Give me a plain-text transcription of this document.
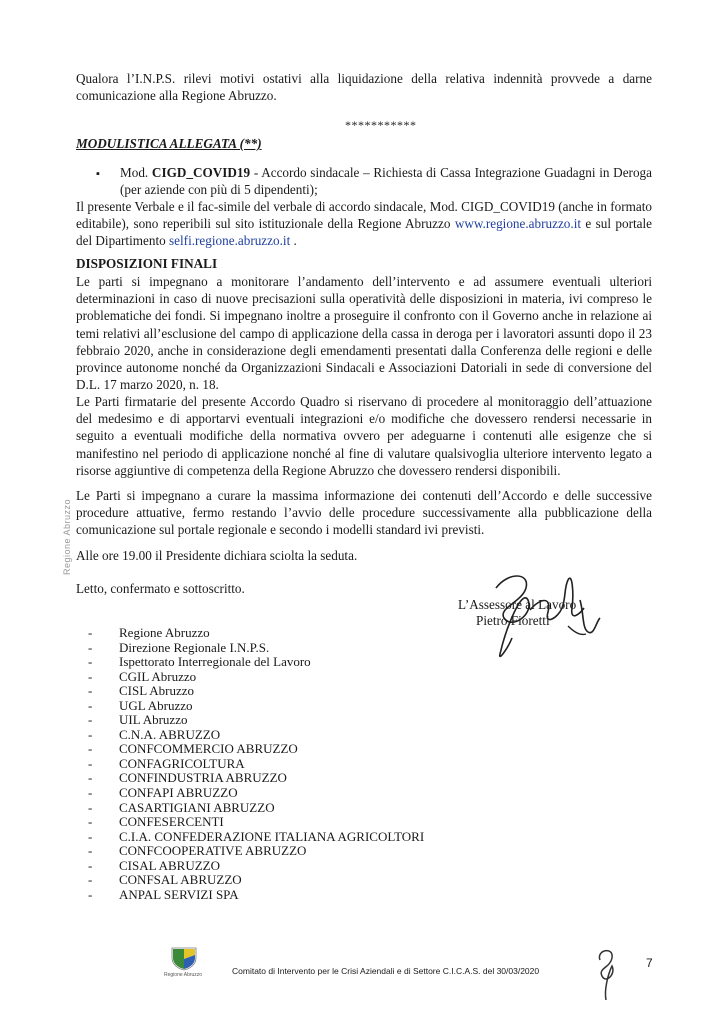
Qualora l’I.N.P.S. rilevi motivi ostativi alla liquidazione della relativa indennità provvede a darne comunicazione alla Regione Abruzzo.
***********
MODULISTICA ALLEGATA (**)
▪ Mod. CIGD_COVID19 - Accordo sindacale – Richiesta di Cassa Integrazione Guadagni in Deroga (per aziende con più di 5 dipendenti);
Il presente Verbale e il fac-simile del verbale di accordo sindacale, Mod. CIGD_COVID19 (anche in formato editabile), sono reperibili sul sito istituzionale della Regione Abruzzo www.regione.abruzzo.it e sul portale del Dipartimento selfi.regione.abruzzo.it .
DISPOSIZIONI FINALI
Le parti si impegnano a monitorare l’andamento dell’intervento e ad assumere eventuali ulteriori determinazioni in caso di nuove precisazioni sulla operatività delle disposizioni in materia, ivi compreso le problematiche dei fondi. Si impegnano inoltre a proseguire il confronto con il Governo anche in relazione ai temi relativi all’esclusione del campo di applicazione della cassa in deroga per i lavoratori assunti dopo il 23 febbraio 2020, anche in considerazione degli emendamenti presentati dalla Conferenza delle regioni e delle province autonome nonché da Organizzazioni Sindacali e Associazioni Datoriali in sede di conversione del D.L. 17 marzo 2020, n. 18.
Le Parti firmatarie del presente Accordo Quadro si riservano di procedere al monitoraggio dell’attuazione del medesimo e di apportarvi eventuali integrazioni e/o modifiche che dovessero rendersi necessarie in seguito a eventuali modifiche della normativa ovvero per adeguarne i contenuti alle esigenze che si manifestino nel periodo di applicazione nonché al fine di valutare qualsivoglia ulteriore intervento legato a risorse aggiuntive di competenza della Regione Abruzzo che dovessero rendersi disponibili.
Le Parti si impegnano a curare la massima informazione dei contenuti dell’Accordo e delle successive procedure attuative, fermo restando l’avvio delle procedure successivamente alla pubblicazione della comunicazione sul portale regionale e secondo i modelli standard ivi previsti.
Alle ore 19.00 il Presidente dichiara sciolta la seduta.
Letto, confermato e sottoscritto.
Regione Abruzzo
L’Assessore al Lavoro
Pietro Fioretti
- Regione Abruzzo
- Direzione Regionale I.N.P.S.
- Ispettorato Interregionale del Lavoro
- CGIL Abruzzo
- CISL Abruzzo
- UGL Abruzzo
- UIL Abruzzo
- C.N.A. ABRUZZO
- CONFCOMMERCIO ABRUZZO
- CONFAGRICOLTURA
- CONFINDUSTRIA ABRUZZO
- CONFAPI ABRUZZO
- CASARTIGIANI ABRUZZO
- CONFESERCENTI
- C.I.A. CONFEDERAZIONE ITALIANA AGRICOLTORI
- CONFCOOPERATIVE ABRUZZO
- CISAL ABRUZZO
- CONFSAL ABRUZZO
- ANPAL SERVIZI SPA
Regione Abruzzo	Comitato di Intervento per le Crisi Aziendali e di Settore C.I.C.A.S. del 30/03/2020
7
